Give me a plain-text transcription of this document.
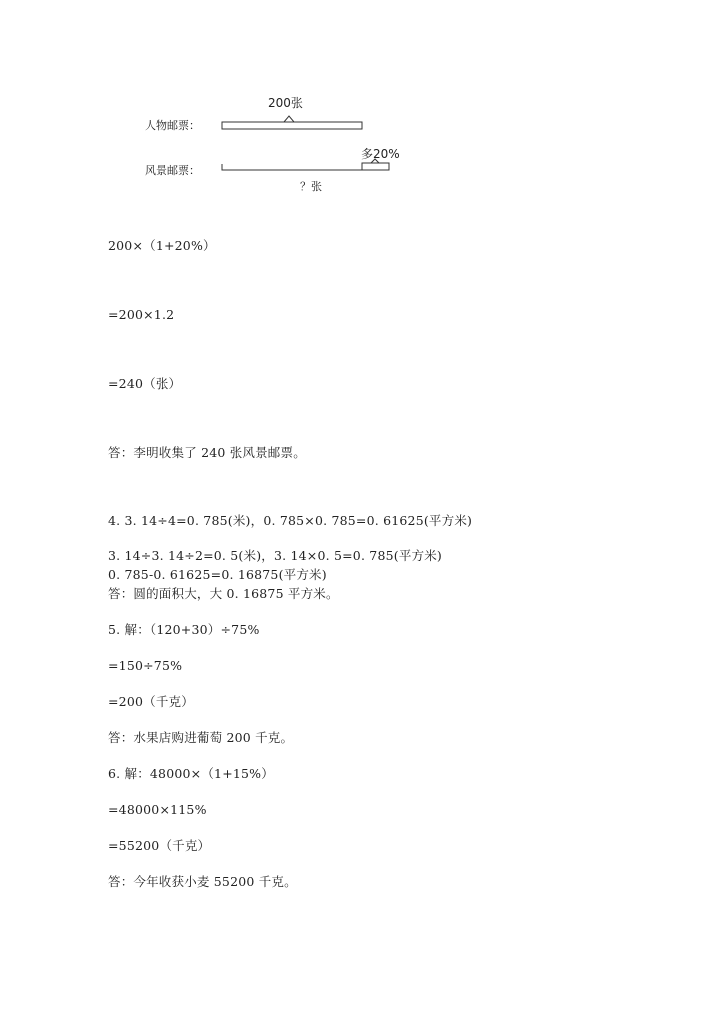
200张
人物邮票：
多20%
风景邮票：
？张

200×（1+20%）

=200×1.2

=240（张）

答：李明收集了 240 张风景邮票。

4. 3. 14÷4=0. 785(米)，0. 785×0. 785=0. 61625(平方米)

3. 14÷3. 14÷2=0. 5(米)，3. 14×0. 5=0. 785(平方米)

0. 785-0. 61625=0. 16875(平方米)

答：圆的面积大，大 0. 16875 平方米。

5. 解：（120+30）÷75%

=150÷75%

=200（千克）

答：水果店购进葡萄 200 千克。

6. 解：48000×（1+15%）

=48000×115%

=55200（千克）

答：今年收获小麦 55200 千克。
